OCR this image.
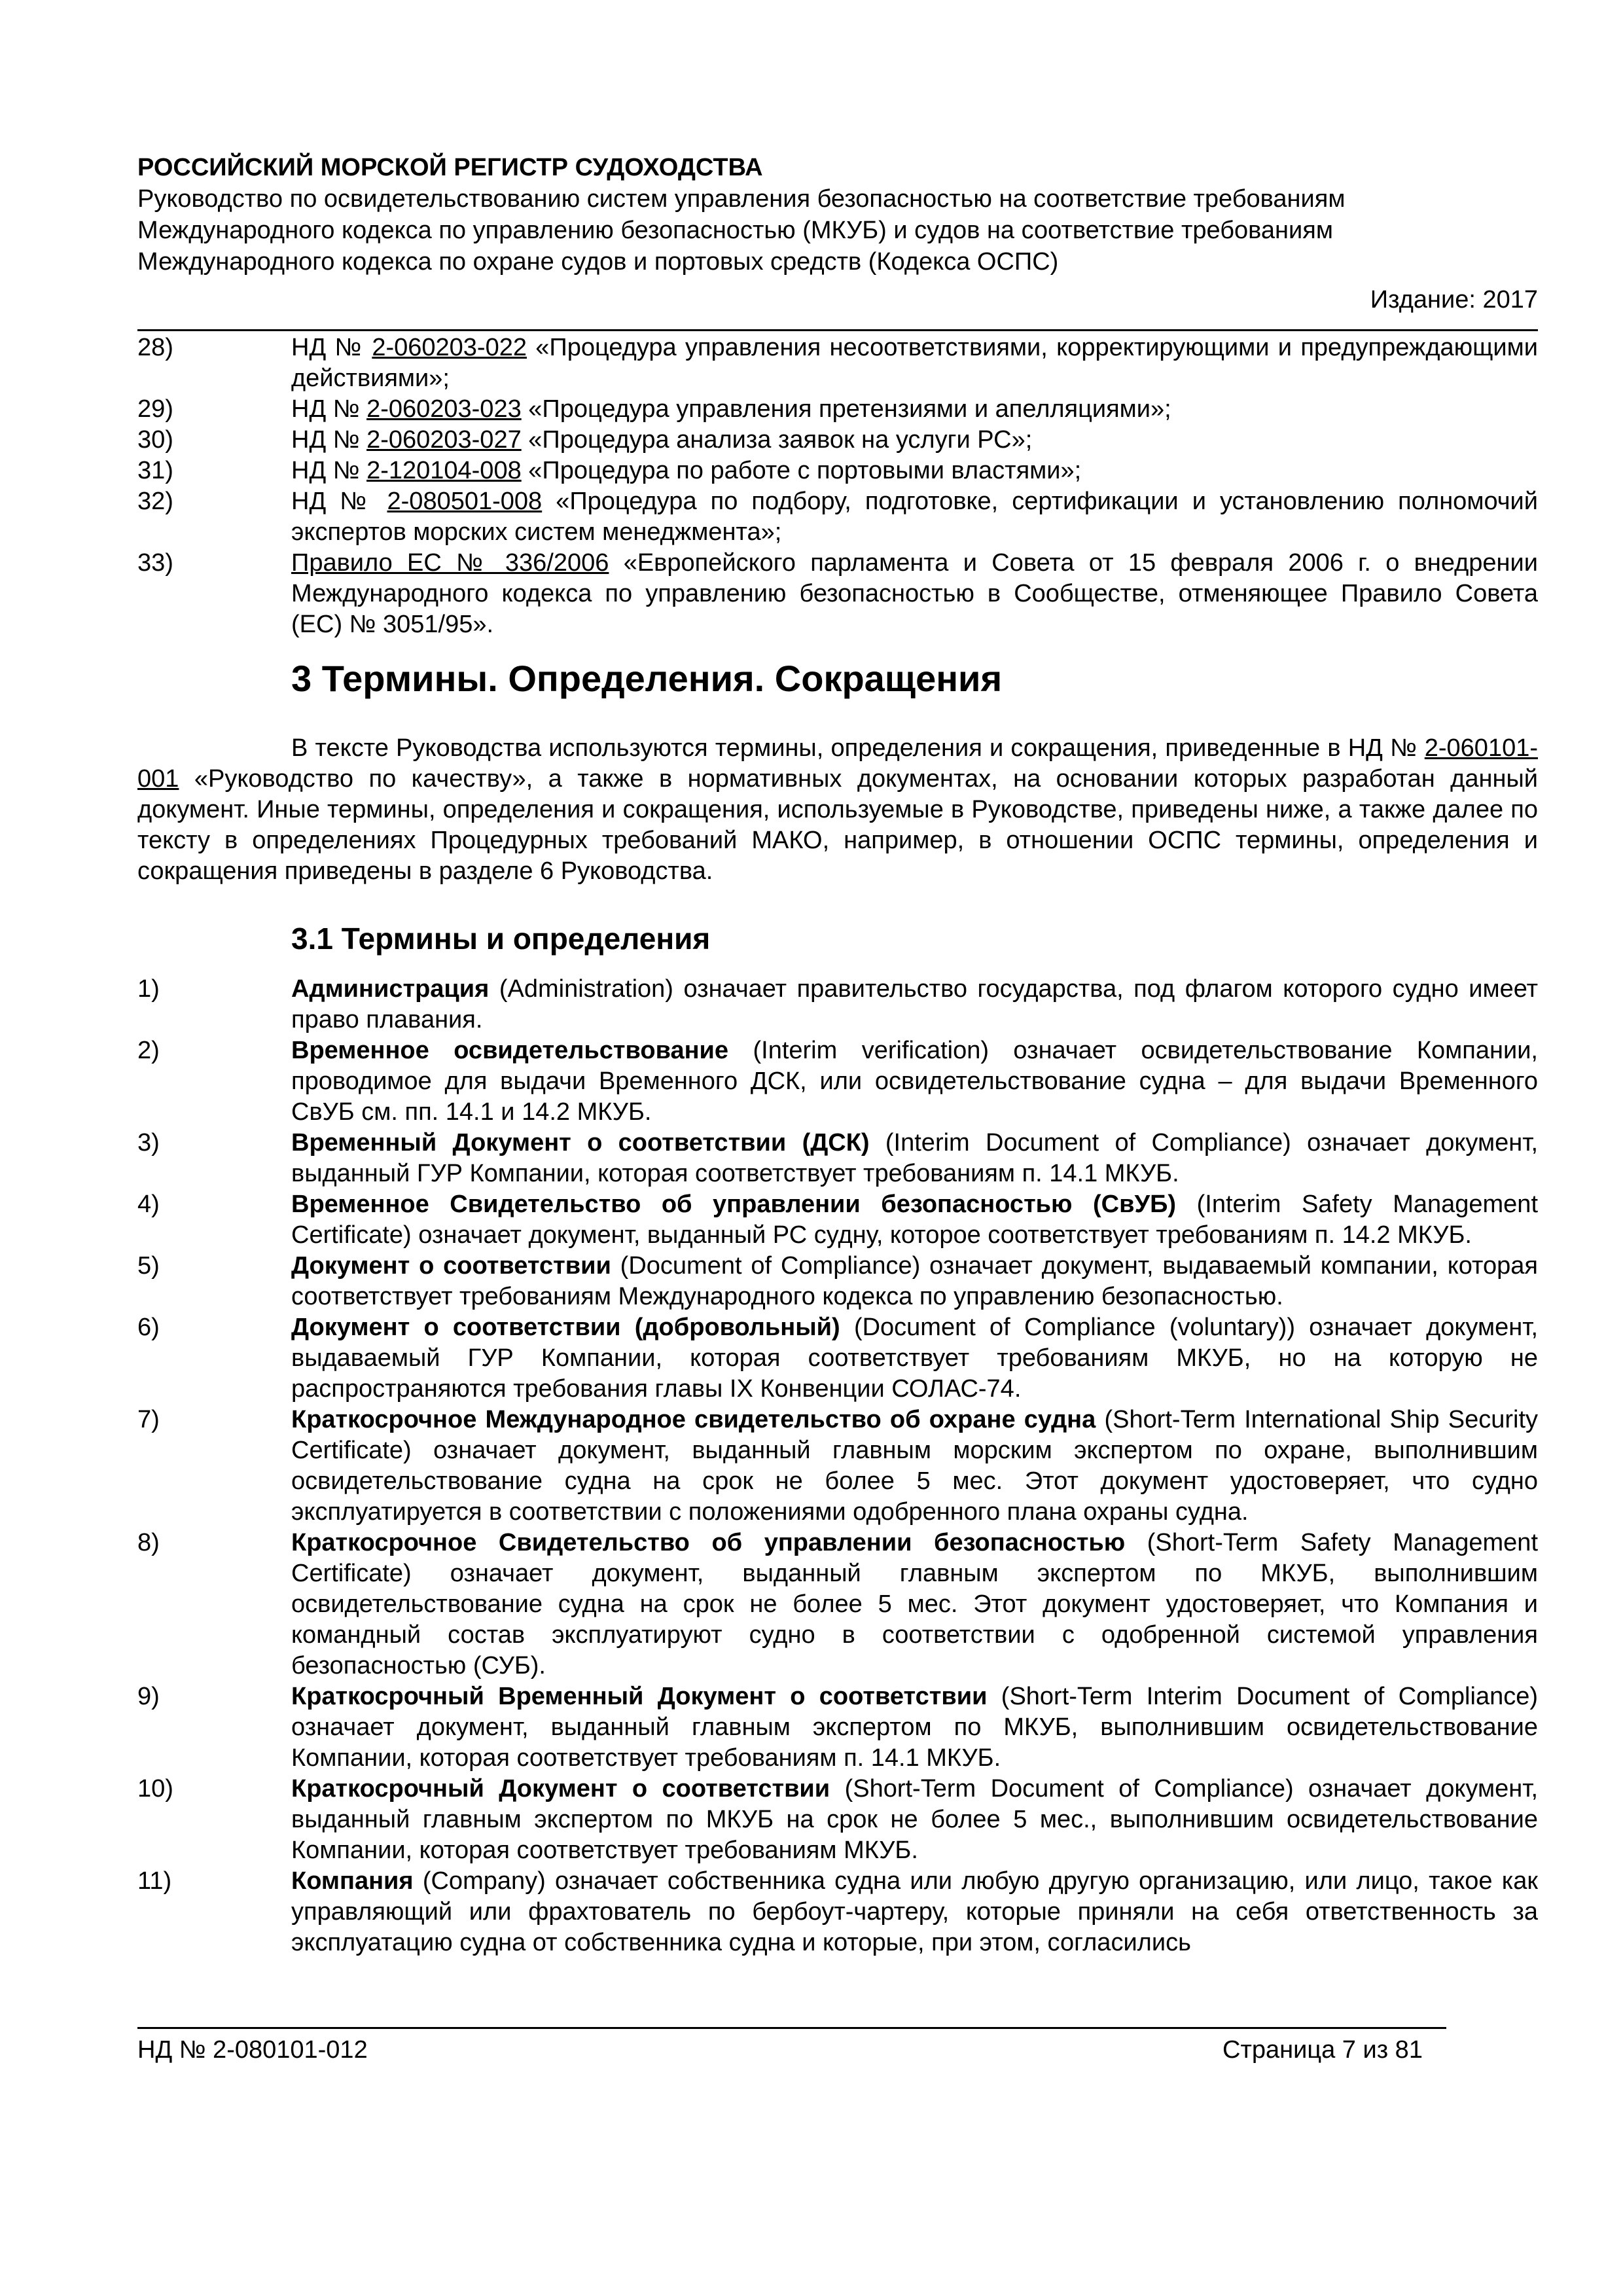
РОССИЙСКИЙ МОРСКОЙ РЕГИСТР СУДОХОДСТВА
Руководство по освидетельствованию систем управления безопасностью на соответствие требованиям
Международного кодекса по управлению безопасностью (МКУБ) и судов на соответствие требованиям
Международного кодекса по охране судов и портовых средств (Кодекса ОСПС)
Издание: 2017
28)	НД № 2-060203-022 «Процедура управления несоответствиями, корректирующими и предупреждающими действиями»;
29)	НД № 2-060203-023 «Процедура управления претензиями и апелляциями»;
30)	НД № 2-060203-027 «Процедура анализа заявок на услуги РС»;
31)	НД № 2-120104-008 «Процедура по работе с портовыми властями»;
32)	НД № 2-080501-008 «Процедура по подбору, подготовке, сертификации и установлению полномочий экспертов морских систем менеджмента»;
33)	Правило ЕС № 336/2006 «Европейского парламента и Совета от 15 февраля 2006 г. о внедрении Международного кодекса по управлению безопасностью в Сообществе, отменяющее Правило Совета (ЕС) № 3051/95».
3 Термины. Определения. Сокращения
В тексте Руководства используются термины, определения и сокращения, приведенные в НД № 2-060101-001 «Руководство по качеству», а также в нормативных документах, на основании которых разработан данный документ. Иные термины, определения и сокращения, используемые в Руководстве, приведены ниже, а также далее по тексту в определениях Процедурных требований МАКО, например, в отношении ОСПС термины, определения и сокращения приведены в разделе 6 Руководства.
3.1 Термины и определения
1)	Администрация (Administration) означает правительство государства, под флагом которого судно имеет право плавания.
2)	Временное освидетельствование (Interim verification) означает освидетельствование Компании, проводимое для выдачи Временного ДСК, или освидетельствование судна – для выдачи Временного СвУБ см. пп. 14.1 и 14.2 МКУБ.
3)	Временный Документ о соответствии (ДСК) (Interim Document of Compliance) означает документ, выданный ГУР Компании, которая соответствует требованиям п. 14.1 МКУБ.
4)	Временное Свидетельство об управлении безопасностью (СвУБ) (Interim Safety Management Certificate) означает документ, выданный РС судну, которое соответствует требованиям п. 14.2 МКУБ.
5)	Документ о соответствии (Document of Compliance) означает документ, выдаваемый компании, которая соответствует требованиям Международного кодекса по управлению безопасностью.
6)	Документ о соответствии (добровольный) (Document of Compliance (voluntary)) означает документ, выдаваемый ГУР Компании, которая соответствует требованиям МКУБ, но на которую не распространяются требования главы IX Конвенции СОЛАС-74.
7)	Краткосрочное Международное свидетельство об охране судна (Short-Term International Ship Security Certificate) означает документ, выданный главным морским экспертом по охране, выполнившим освидетельствование судна на срок не более 5 мес. Этот документ удостоверяет, что судно эксплуатируется в соответствии с положениями одобренного плана охраны судна.
8)	Краткосрочное Свидетельство об управлении безопасностью (Short-Term Safety Management Certificate) означает документ, выданный главным экспертом по МКУБ, выполнившим освидетельствование судна на срок не более 5 мес. Этот документ удостоверяет, что Компания и командный состав эксплуатируют судно в соответствии с одобренной системой управления безопасностью (СУБ).
9)	Краткосрочный Временный Документ о соответствии (Short-Term Interim Document of Compliance) означает документ, выданный главным экспертом по МКУБ, выполнившим освидетельствование Компании, которая соответствует требованиям п. 14.1 МКУБ.
10)	Краткосрочный Документ о соответствии (Short-Term Document of Compliance) означает документ, выданный главным экспертом по МКУБ на срок не более 5 мес., выполнившим освидетельствование Компании, которая соответствует требованиям МКУБ.
11)	Компания (Company) означает собственника судна или любую другую организацию, или лицо, такое как управляющий или фрахтователь по бербоут-чартеру, которые приняли на себя ответственность за эксплуатацию судна от собственника судна и которые, при этом, согласились
НД № 2-080101-012	Страница 7 из 81
